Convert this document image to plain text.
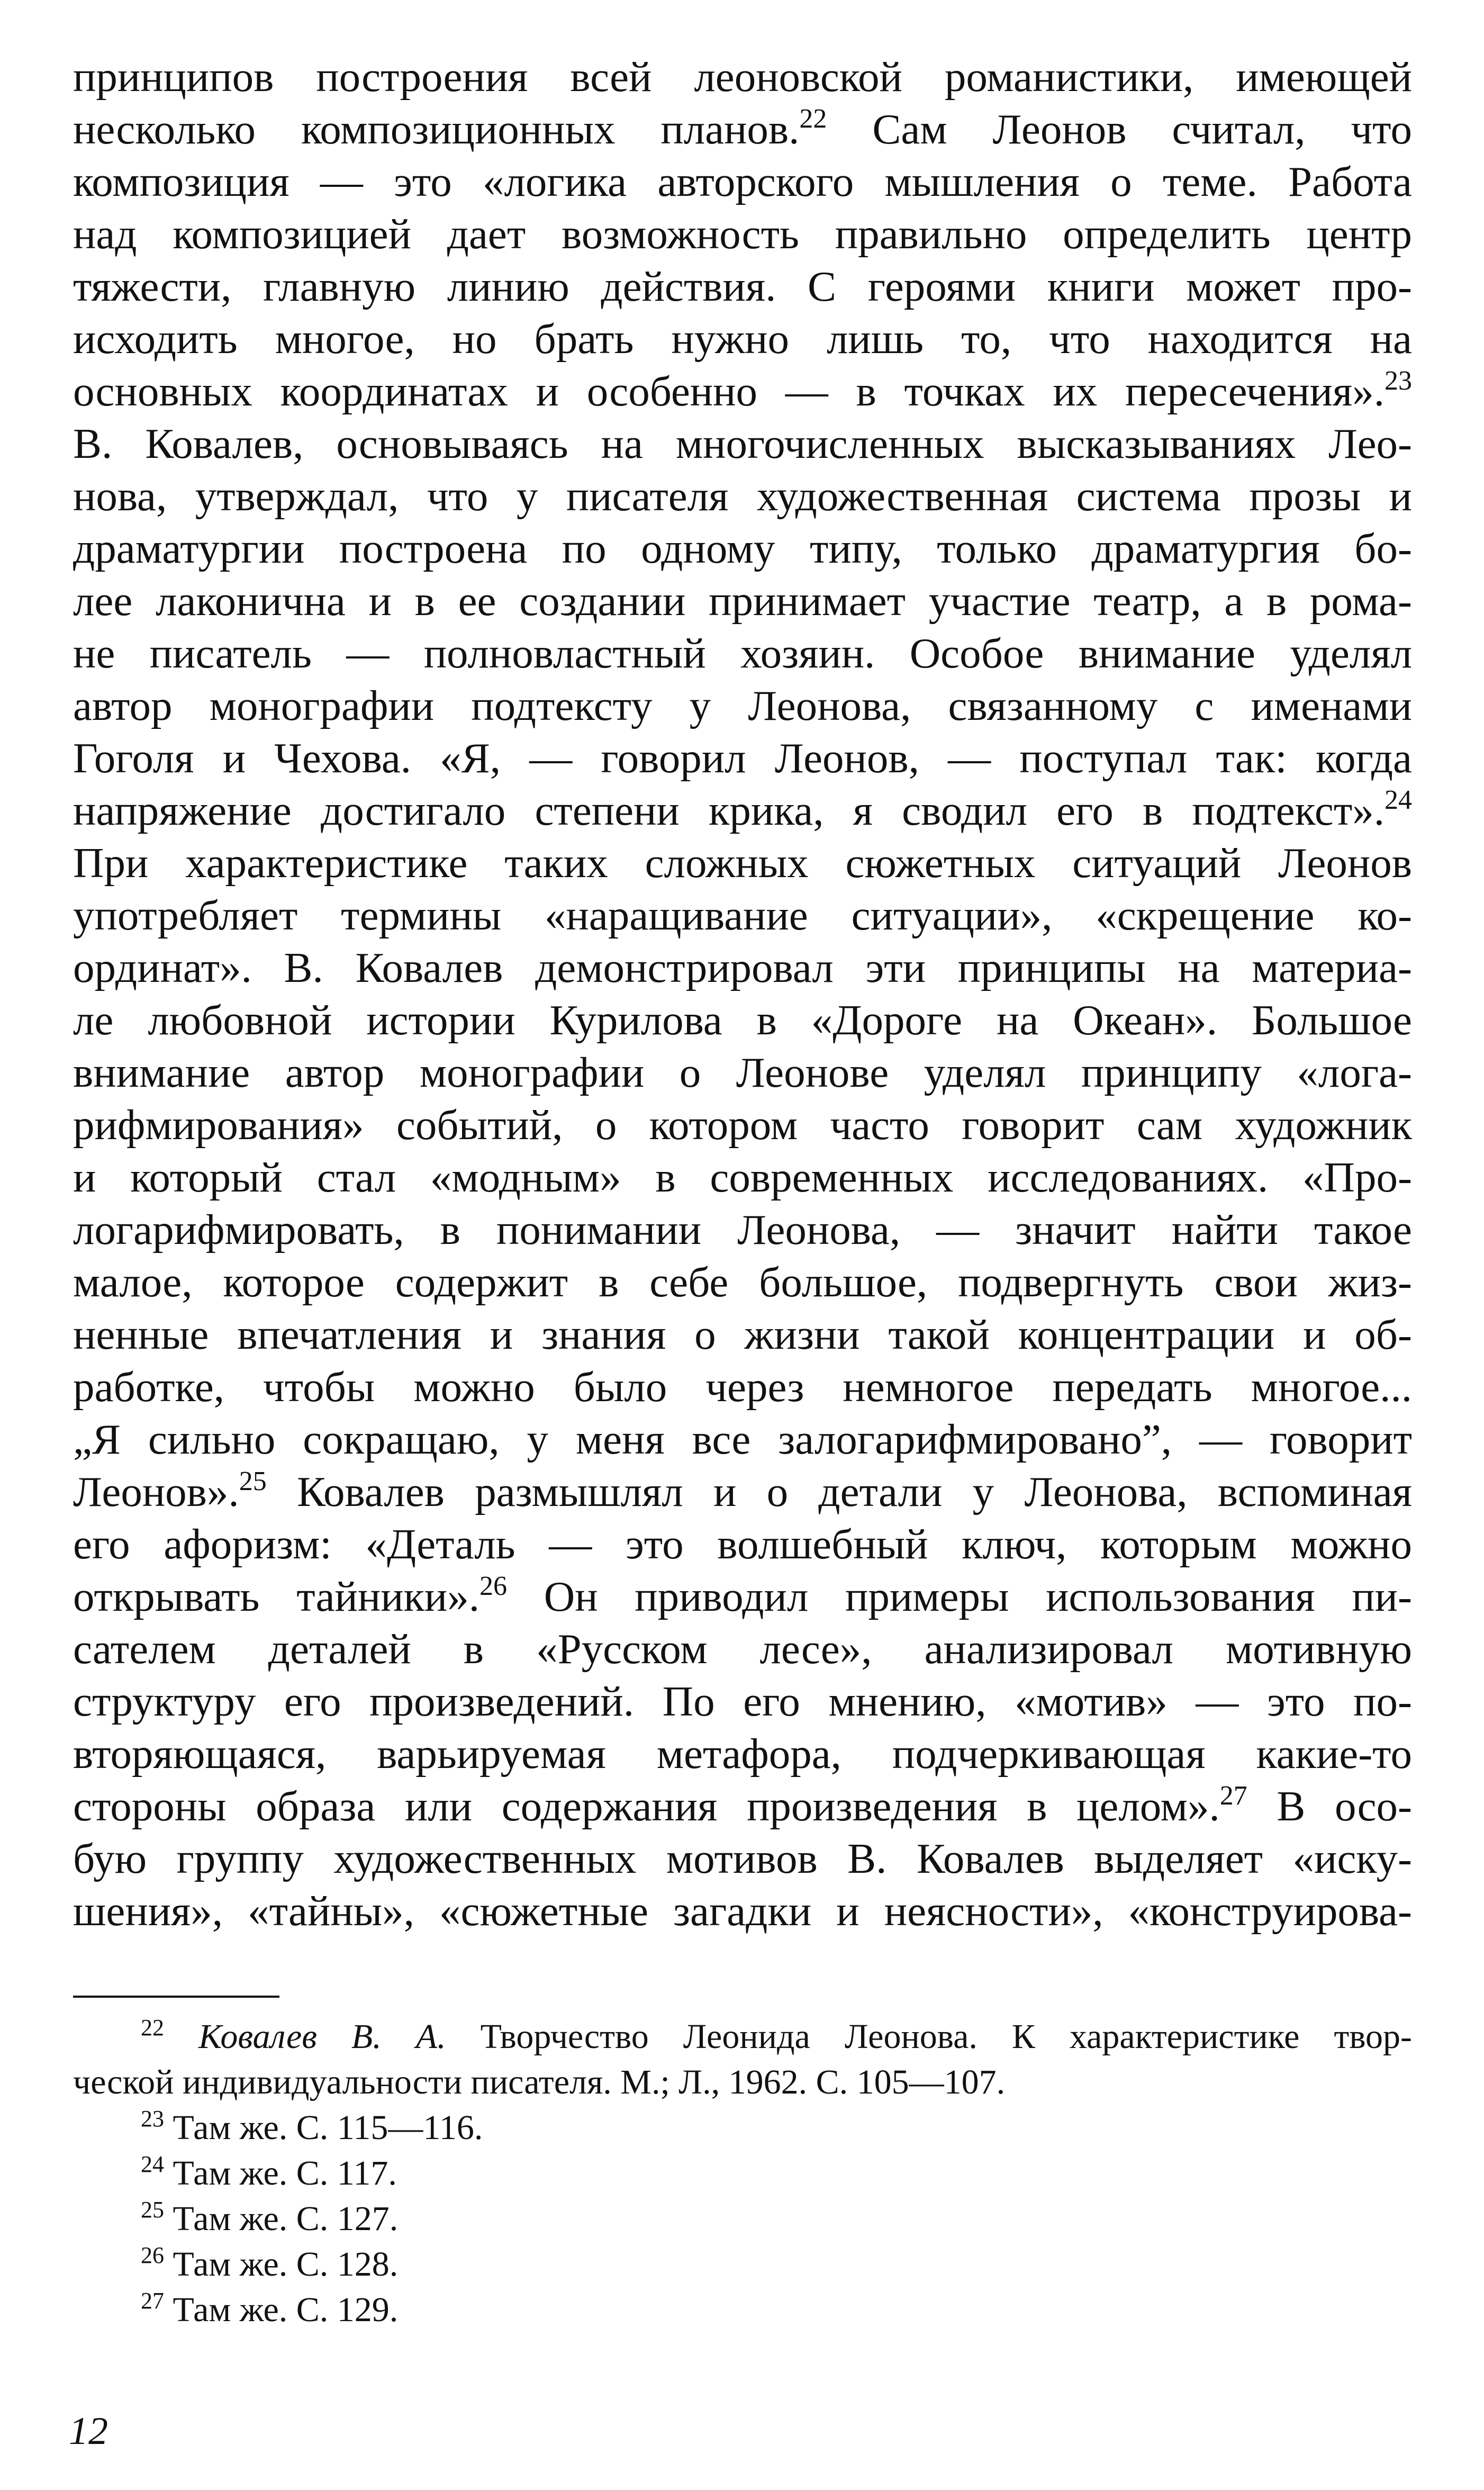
принципов построения всей леоновской романистики, имеющей
несколько композиционных планов.$^{22}$ Сам Леонов считал, что
композиция — это «логика авторского мышления о теме. Работа
над композицией дает возможность правильно определить центр
тяжести, главную линию действия. С героями книги может про-
исходить многое, но брать нужно лишь то, что находится на
основных координатах и особенно — в точках их пересечения».$^{23}$
В. Ковалев, основываясь на многочисленных высказываниях Лео-
нова, утверждал, что у писателя художественная система прозы и
драматургии построена по одному типу, только драматургия бо-
лее лаконична и в ее создании принимает участие театр, а в рома-
не писатель — полновластный хозяин. Особое внимание уделял
автор монографии подтексту у Леонова, связанному с именами
Гоголя и Чехова. «Я, — говорил Леонов, — поступал так: когда
напряжение достигало степени крика, я сводил его в подтекст».$^{24}$
При характеристике таких сложных сюжетных ситуаций Леонов
употребляет термины «наращивание ситуации», «скрещение ко-
ординат». В. Ковалев демонстрировал эти принципы на материа-
ле любовной истории Курилова в «Дороге на Океан». Большое
внимание автор монографии о Леонове уделял принципу «лога-
рифмирования» событий, о котором часто говорит сам художник
и который стал «модным» в современных исследованиях. «Про-
логарифмировать, в понимании Леонова, — значит найти такое
малое, которое содержит в себе большое, подвергнуть свои жиз-
ненные впечатления и знания о жизни такой концентрации и об-
работке, чтобы можно было через немногое передать многое...
„Я сильно сокращаю, у меня все залогарифмировано”, — говорит
Леонов».$^{25}$ Ковалев размышлял и о детали у Леонова, вспоминая
его афоризм: «Деталь — это волшебный ключ, которым можно
открывать тайники».$^{26}$ Он приводил примеры использования пи-
сателем деталей в «Русском лесе», анализировал мотивную
структуру его произведений. По его мнению, «мотив» — это по-
вторяющаяся, варьируемая метафора, подчеркивающая какие-то
стороны образа или содержания произведения в целом».$^{27}$ В осо-
бую группу художественных мотивов В. Ковалев выделяет «иску-
шения», «тайны», «сюжетные загадки и неясности», «конструирова-
$^{22}$ Ковалев В. А. Творчество Леонида Леонова. К характеристике твор-
ческой индивидуальности писателя. М.; Л., 1962. С. 105—107.
$^{23}$ Там же. С. 115—116.
$^{24}$ Там же. С. 117.
$^{25}$ Там же. С. 127.
$^{26}$ Там же. С. 128.
$^{27}$ Там же. С. 129.
12
